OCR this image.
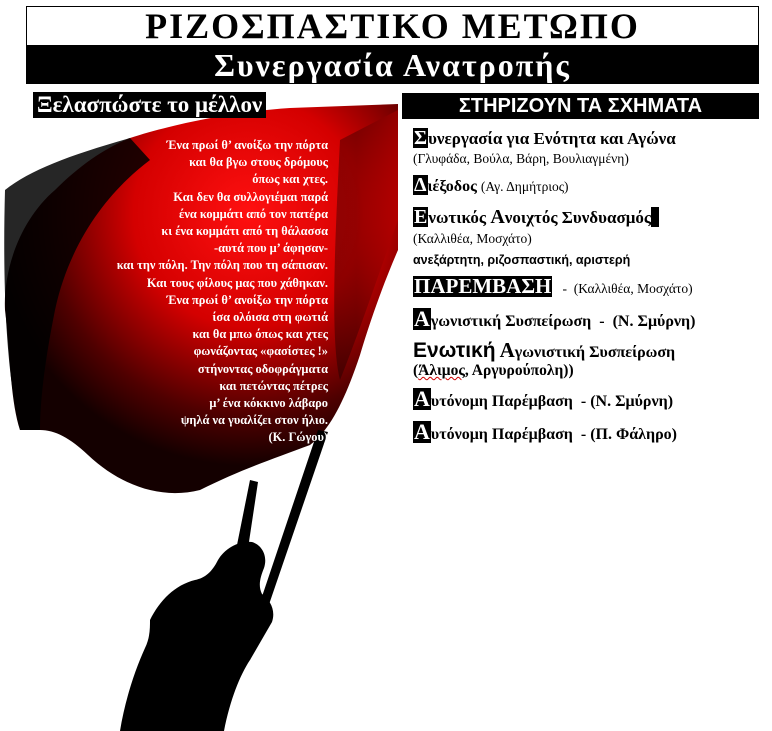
ΡΙΖΟΣΠΑΣΤΙΚΟ ΜΕΤΩΠΟ
Συνεργασία Ανατροπής
Ξελασπώστε το μέλλον	ΣΤΗΡΙΖΟΥΝ ΤΑ ΣΧΗΜΑΤΑ
Ένα πρωί θ’ ανοίξω την πόρτα
και θα βγω στους δρόμους
όπως και χτες.
Και δεν θα συλλογιέμαι παρά
ένα κομμάτι από τον πατέρα
κι ένα κομμάτι από τη θάλασσα
-αυτά που μ’ άφησαν-
και την πόλη. Την πόλη που τη σάπισαν.
Και τους φίλους μας που χάθηκαν.
Ένα πρωί θ’ ανοίξω την πόρτα
ίσα ολόισα στη φωτιά
και θα μπω όπως και χτες
φωνάζοντας «φασίστες !»
στήνοντας οδοφράγματα
και πετώντας πέτρες
μ’ ένα κόκκινο λάβαρο
ψηλά να γυαλίζει στον ήλιο.
(Κ. Γώγου)
Συνεργασία για Ενότητα και Αγώνα
(Γλυφάδα, Βούλα, Βάρη, Βουλιαγμένη)
Διέξοδος (Αγ. Δημήτριος)
Ενωτικός Ανοιχτός Συνδυασμός
(Καλλιθέα, Μοσχάτο)
ανεξάρτητη, ριζοσπαστική, αριστερή
ΠΑΡΕΜΒΑΣΗ   -  (Καλλιθέα, Μοσχάτο)
Αγωνιστική Συσπείρωση  -  (Ν. Σμύρνη)
Ενωτική Αγωνιστική Συσπείρωση
(Άλιμος, Αργυρούπολη))
Αυτόνομη Παρέμβαση  - (Ν. Σμύρνη)
Αυτόνομη Παρέμβαση  - (Π. Φάληρο)
